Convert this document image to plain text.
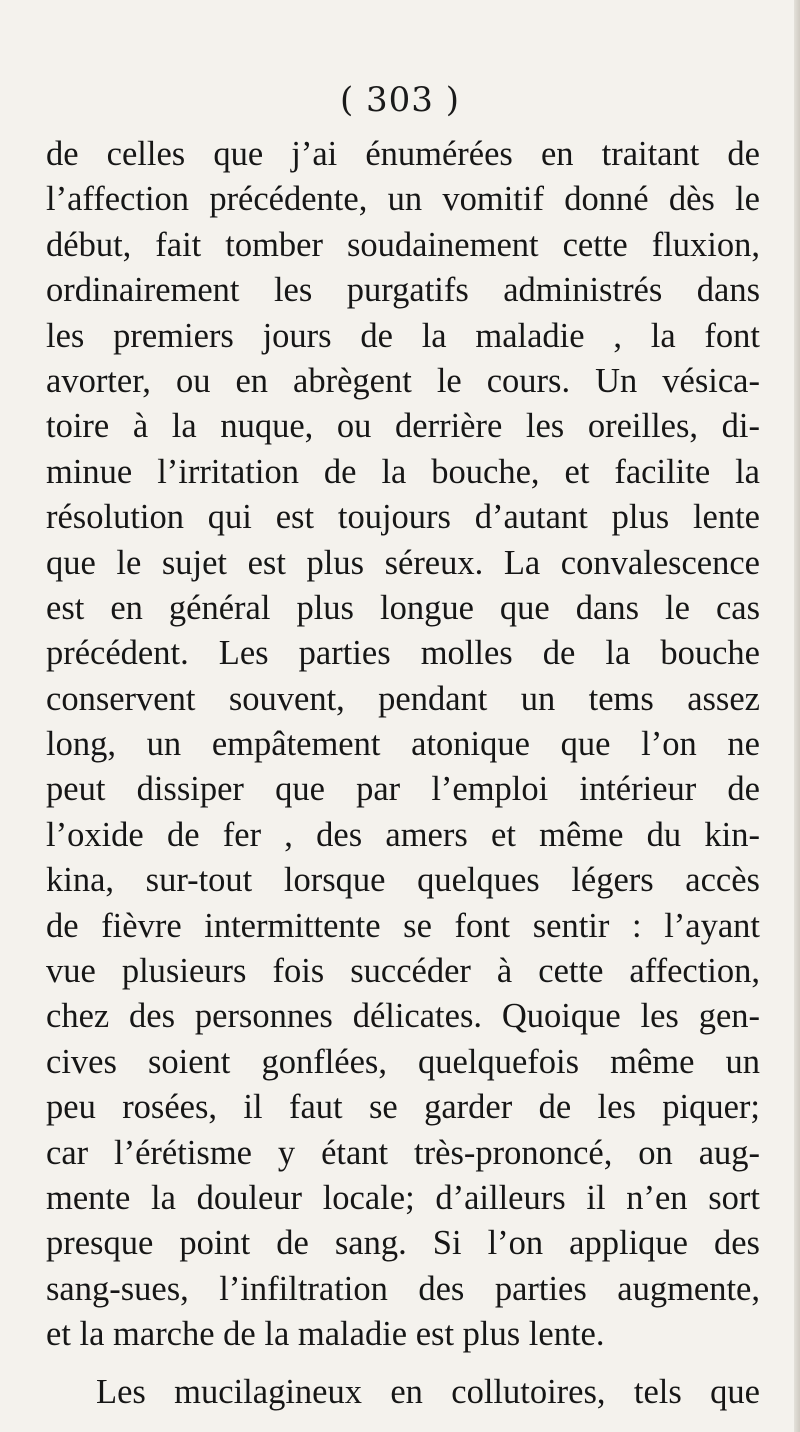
( 303 )
de celles que j’ai énumérées en traitant de
l’affection précédente, un vomitif donné dès le
début, fait tomber soudainement cette fluxion,
ordinairement les purgatifs administrés dans
les premiers jours de la maladie , la font
avorter, ou en abrègent le cours. Un vésica-
toire à la nuque, ou derrière les oreilles, di-
minue l’irritation de la bouche, et facilite la
résolution qui est toujours d’autant plus lente
que le sujet est plus séreux. La convalescence
est en général plus longue que dans le cas
précédent. Les parties molles de la bouche
conservent souvent, pendant un tems assez
long, un empâtement atonique que l’on ne
peut dissiper que par l’emploi intérieur de
l’oxide de fer , des amers et même du kin-
kina, sur-tout lorsque quelques légers accès
de fièvre intermittente se font sentir : l’ayant
vue plusieurs fois succéder à cette affection,
chez des personnes délicates. Quoique les gen-
cives soient gonflées, quelquefois même un
peu rosées, il faut se garder de les piquer;
car l’érétisme y étant très-prononcé, on aug-
mente la douleur locale; d’ailleurs il n’en sort
presque point de sang. Si l’on applique des
sang-sues, l’infiltration des parties augmente,
et la marche de la maladie est plus lente.
Les mucilagineux en collutoires, tels que
